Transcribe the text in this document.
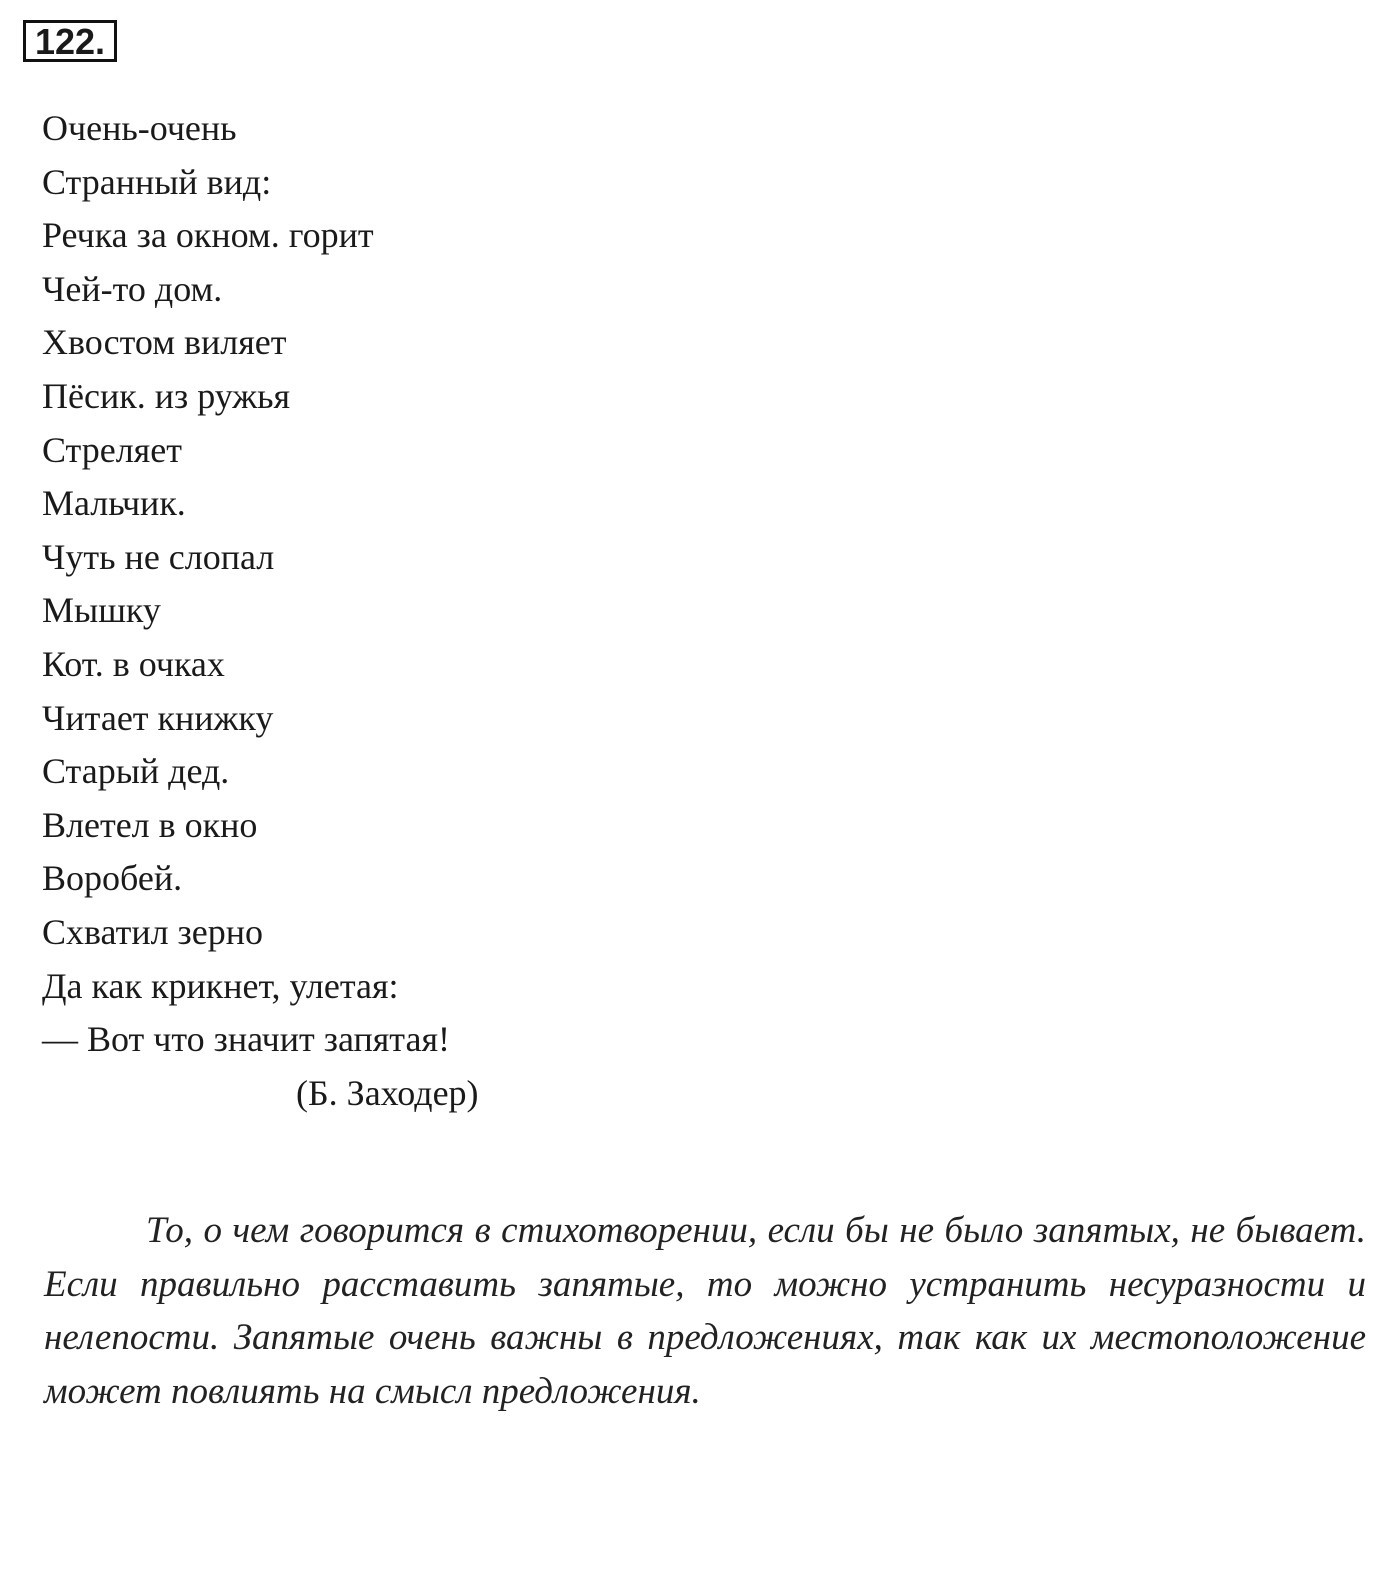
122.
Очень-очень
Странный вид:
Речка за окном. горит
Чей-то дом.
Хвостом виляет
Пёсик. из ружья
Стреляет
Мальчик.
Чуть не слопал
Мышку
Кот. в очках
Читает книжку
Старый дед.
Влетел в окно
Воробей.
Схватил зерно
Да как крикнет, улетая:
— Вот что значит запятая!
(Б. Заходер)
То, о чем говорится в стихотворении, если бы не было запятых, не бывает. Если правильно расставить запятые, то можно устранить несуразности и нелепости. Запятые очень важны в предложениях, так как их местоположение может повлиять на смысл предложения.
